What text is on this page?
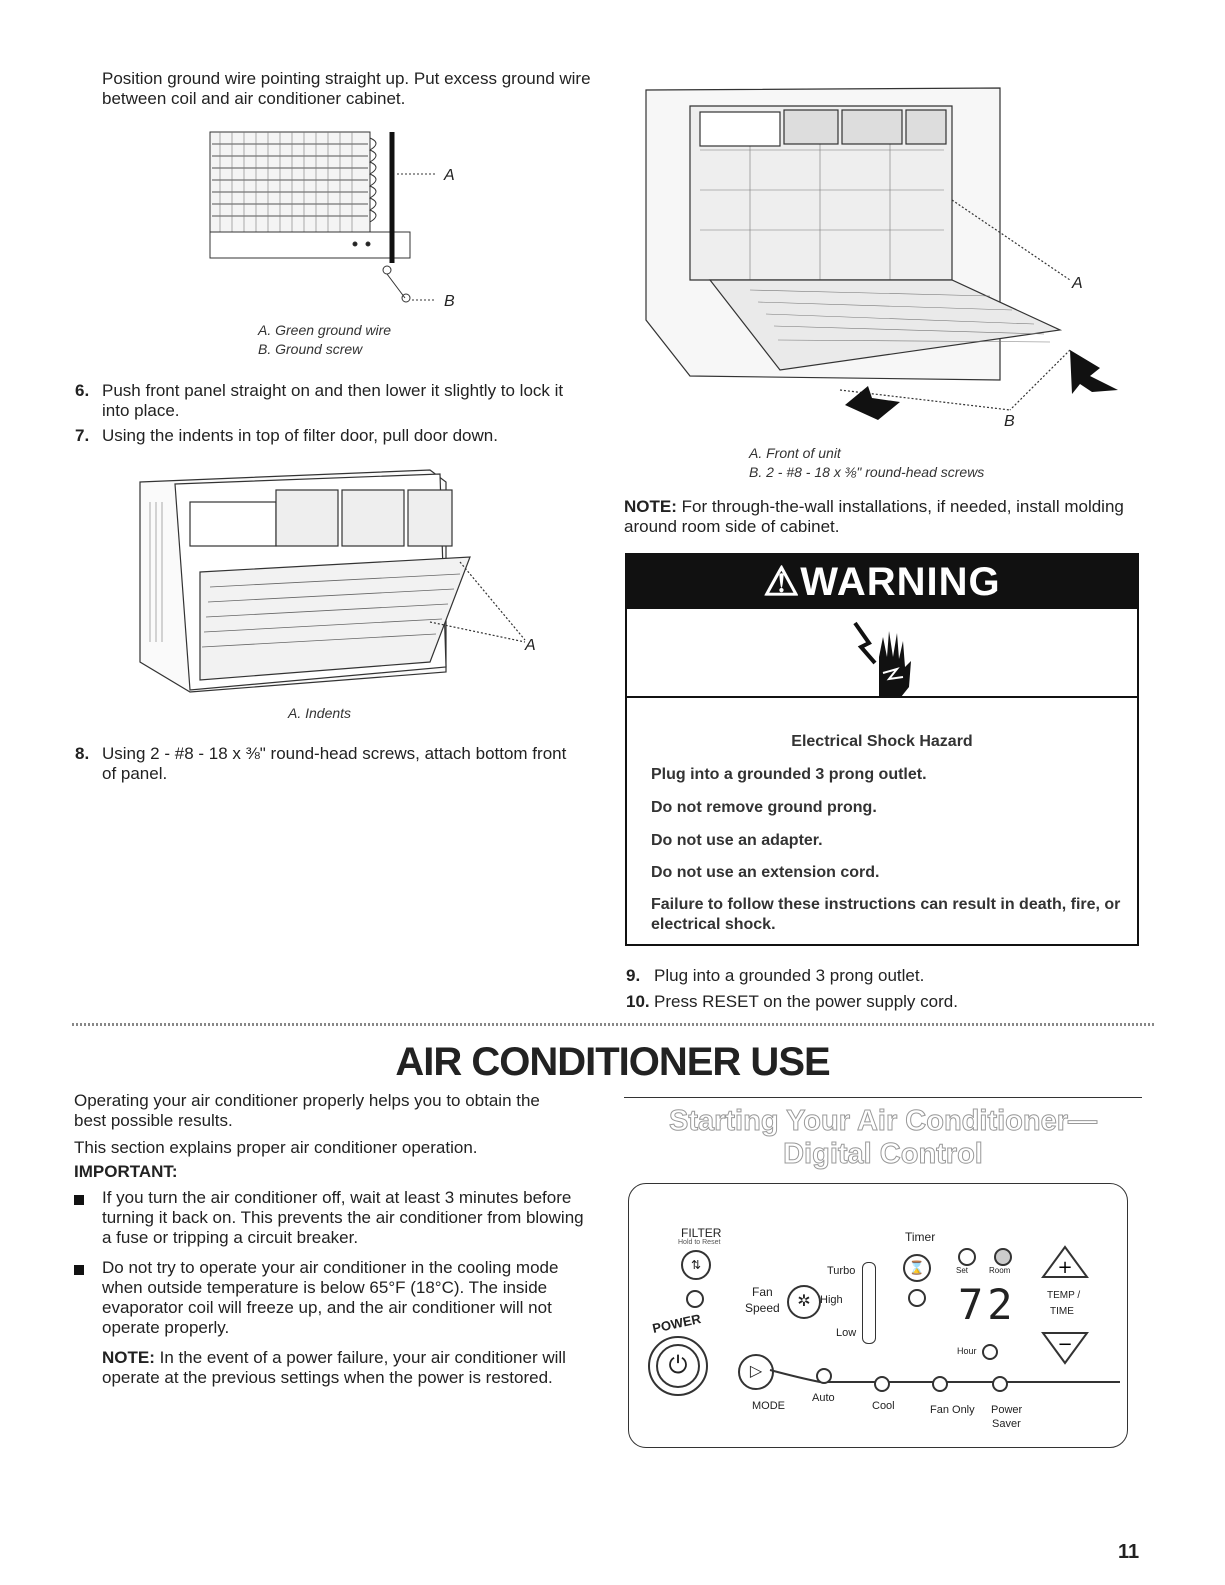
Position ground wire pointing straight up. Put excess ground wire between coil and air conditioner cabinet.
A
B
A. Green ground wire
B. Ground screw
6. Push front panel straight on and then lower it slightly to lock it into place.
7. Using the indents in top of filter door, pull door down.
A
A. Indents
8. Using 2 - #8 - 18 x ⅜" round-head screws, attach bottom front of panel.
A
B
A. Front of unit
B. 2 - #8 - 18 x ⅜" round-head screws
NOTE: For through-the-wall installations, if needed, install molding around room side of cabinet.
⚠WARNING
Electrical Shock Hazard
Plug into a grounded 3 prong outlet.
Do not remove ground prong.
Do not use an adapter.
Do not use an extension cord.
Failure to follow these instructions can result in death, fire, or electrical shock.
9. Plug into a grounded 3 prong outlet.
10. Press RESET on the power supply cord.
AIR CONDITIONER USE
Operating your air conditioner properly helps you to obtain the best possible results.
This section explains proper air conditioner operation.
IMPORTANT:
If you turn the air conditioner off, wait at least 3 minutes before turning it back on. This prevents the air conditioner from blowing a fuse or tripping a circuit breaker.
Do not try to operate your air conditioner in the cooling mode when outside temperature is below 65°F (18°C). The inside evaporator coil will freeze up, and the air conditioner will not operate properly.
NOTE: In the event of a power failure, your air conditioner will operate at the previous settings when the power is restored.
Starting Your Air Conditioner—
Digital Control
FILTER
Hold to Reset
⇅
POWER
⏻	▷
Fan
Speed	✲ High
Turbo
Low
Timer
⌛	Set	Room
72
Hour
+
TEMP /
TIME
−
MODE
Auto
Cool	Fan Only Power
Saver
11
